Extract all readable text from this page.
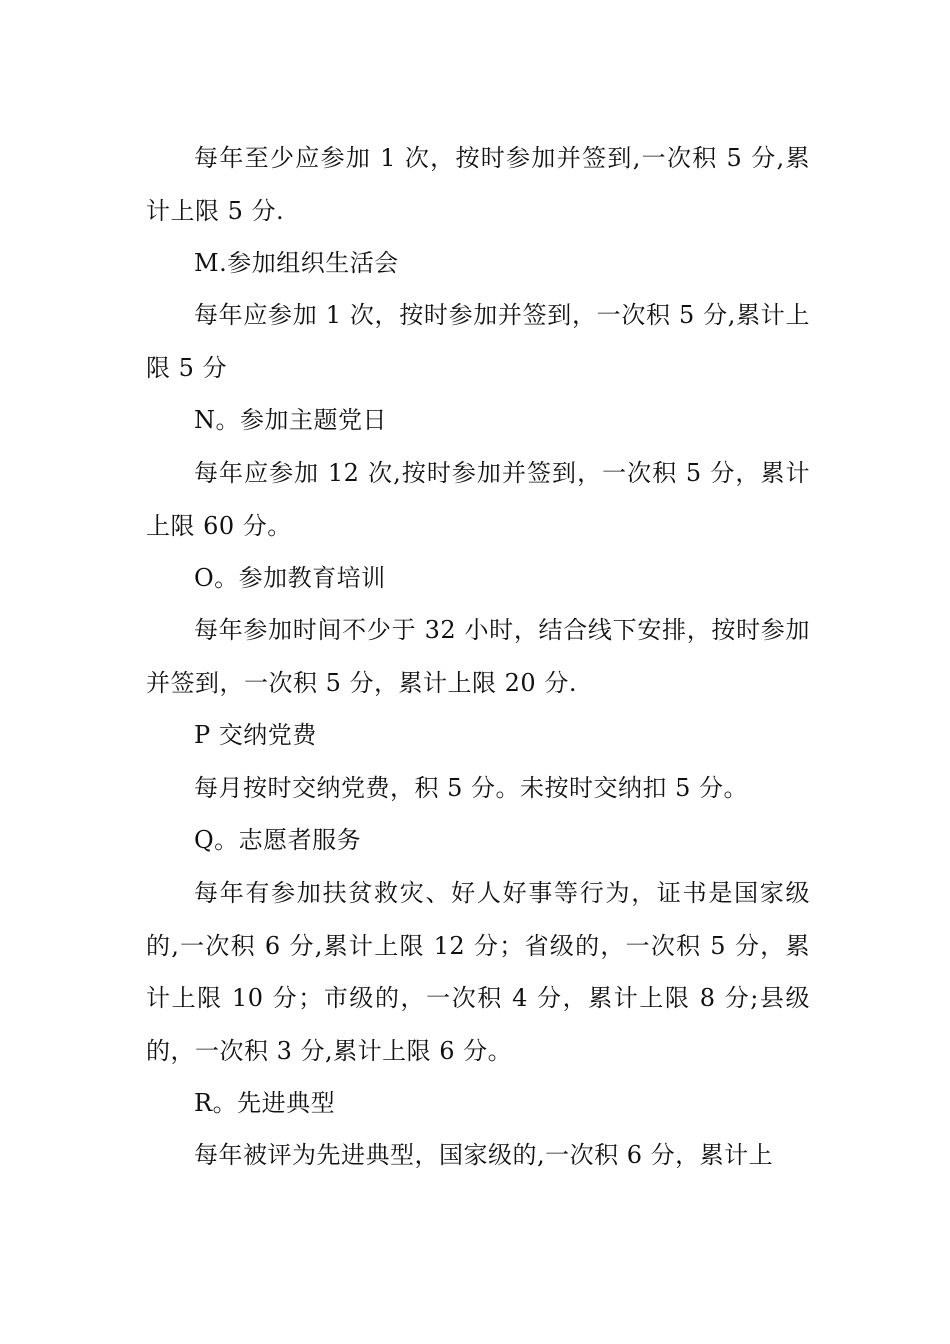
每年至少应参加 1 次，按时参加并签到,一次积 5 分,累计上限 5 分.

M.参加组织生活会

每年应参加 1 次，按时参加并签到，一次积 5 分,累计上限 5 分

N。参加主题党日

每年应参加 12 次,按时参加并签到，一次积 5 分，累计上限 60 分。

O。参加教育培训

每年参加时间不少于 32 小时，结合线下安排，按时参加并签到，一次积 5 分，累计上限 20 分.

P 交纳党费

每月按时交纳党费，积 5 分。未按时交纳扣 5 分。

Q。志愿者服务

每年有参加扶贫救灾、好人好事等行为，证书是国家级的,一次积 6 分,累计上限 12 分；省级的，一次积 5 分，累计上限 10 分；市级的，一次积 4 分，累计上限 8 分;县级的，一次积 3 分,累计上限 6 分。

R。先进典型

每年被评为先进典型，国家级的,一次积 6 分，累计上
